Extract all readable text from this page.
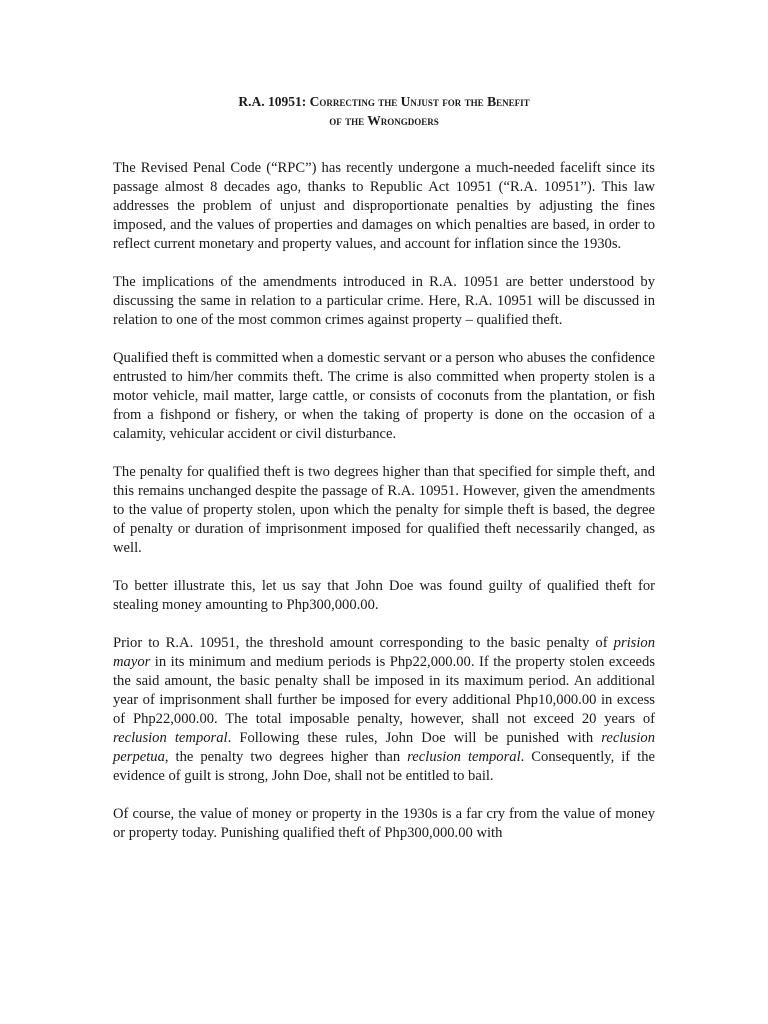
R.A. 10951: Correcting the Unjust for the Benefit
of the Wrongdoers

The Revised Penal Code (“RPC”) has recently undergone a much-needed facelift since its passage almost 8 decades ago, thanks to Republic Act 10951 (“R.A. 10951”). This law addresses the problem of unjust and disproportionate penalties by adjusting the fines imposed, and the values of properties and damages on which penalties are based, in order to reflect current monetary and property values, and account for inflation since the 1930s.

The implications of the amendments introduced in R.A. 10951 are better understood by discussing the same in relation to a particular crime. Here, R.A. 10951 will be discussed in relation to one of the most common crimes against property – qualified theft.

Qualified theft is committed when a domestic servant or a person who abuses the confidence entrusted to him/her commits theft. The crime is also committed when property stolen is a motor vehicle, mail matter, large cattle, or consists of coconuts from the plantation, or fish from a fishpond or fishery, or when the taking of property is done on the occasion of a calamity, vehicular accident or civil disturbance.

The penalty for qualified theft is two degrees higher than that specified for simple theft, and this remains unchanged despite the passage of R.A. 10951. However, given the amendments to the value of property stolen, upon which the penalty for simple theft is based, the degree of penalty or duration of imprisonment imposed for qualified theft necessarily changed, as well.

To better illustrate this, let us say that John Doe was found guilty of qualified theft for stealing money amounting to Php300,000.00.

Prior to R.A. 10951, the threshold amount corresponding to the basic penalty of prision mayor in its minimum and medium periods is Php22,000.00. If the property stolen exceeds the said amount, the basic penalty shall be imposed in its maximum period. An additional year of imprisonment shall further be imposed for every additional Php10,000.00 in excess of Php22,000.00. The total imposable penalty, however, shall not exceed 20 years of reclusion temporal. Following these rules, John Doe will be punished with reclusion perpetua, the penalty two degrees higher than reclusion temporal. Consequently, if the evidence of guilt is strong, John Doe, shall not be entitled to bail.

Of course, the value of money or property in the 1930s is a far cry from the value of money or property today. Punishing qualified theft of Php300,000.00 with
